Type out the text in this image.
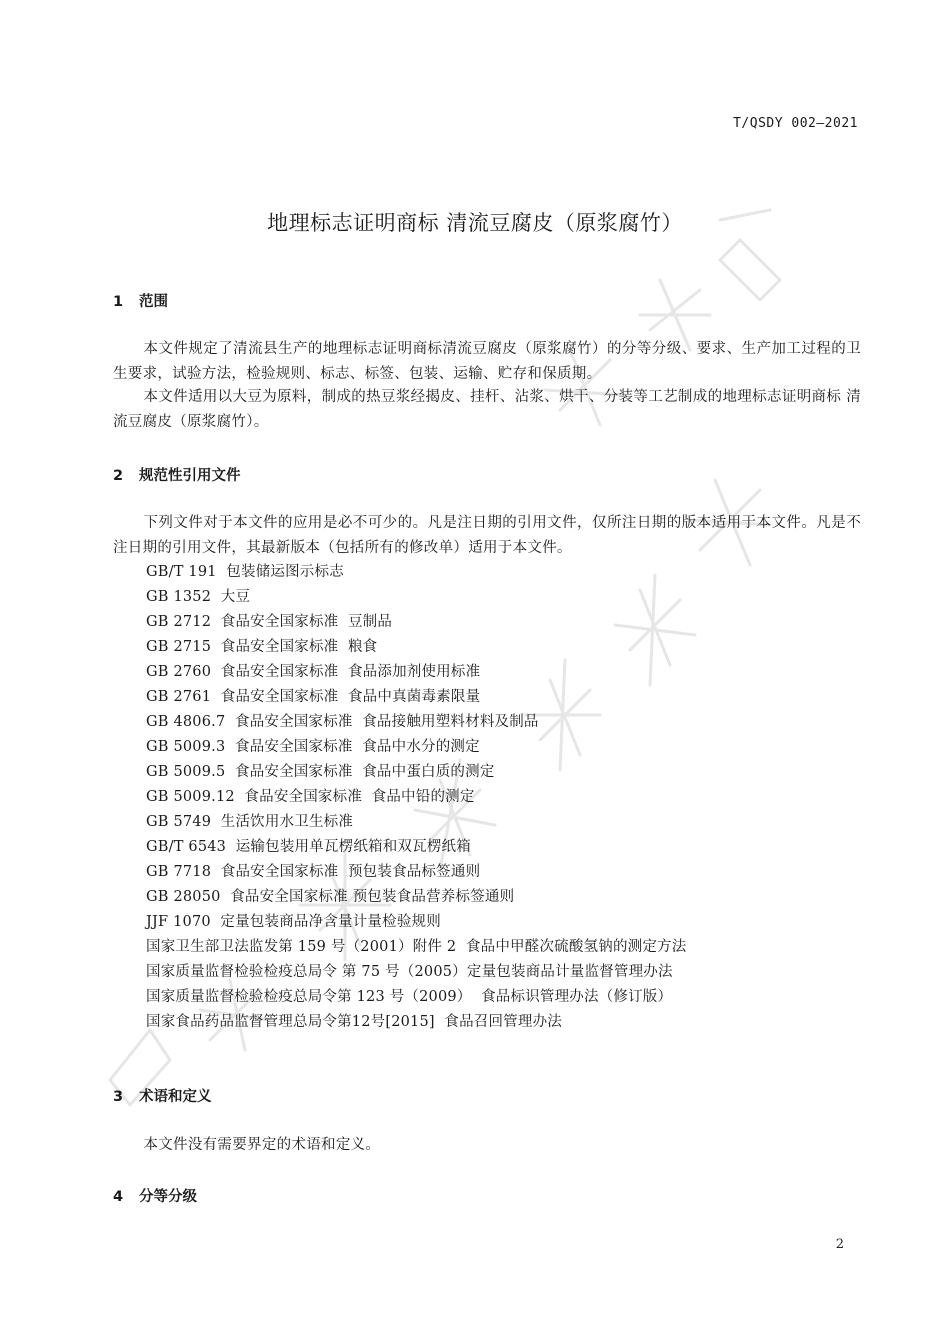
T/QSDY 002—2021
地理标志证明商标 清流豆腐皮（原浆腐竹）
1 范围
本文件规定了清流县生产的地理标志证明商标清流豆腐皮（原浆腐竹）的分等分级、要求、生产加工过程的卫生要求，试验方法，检验规则、标志、标签、包装、运输、贮存和保质期。
本文件适用以大豆为原料，制成的热豆浆经揭皮、挂杆、沾浆、烘干、分装等工艺制成的地理标志证明商标 清流豆腐皮（原浆腐竹）。
2 规范性引用文件
下列文件对于本文件的应用是必不可少的。凡是注日期的引用文件，仅所注日期的版本适用于本文件。凡是不注日期的引用文件，其最新版本（包括所有的修改单）适用于本文件。
GB/T 191  包装储运图示标志
GB 1352  大豆
GB 2712  食品安全国家标准  豆制品
GB 2715  食品安全国家标准  粮食
GB 2760  食品安全国家标准  食品添加剂使用标准
GB 2761  食品安全国家标准  食品中真菌毒素限量
GB 4806.7  食品安全国家标准  食品接触用塑料材料及制品
GB 5009.3  食品安全国家标准  食品中水分的测定
GB 5009.5  食品安全国家标准  食品中蛋白质的测定
GB 5009.12  食品安全国家标准  食品中铅的测定
GB 5749  生活饮用水卫生标准
GB/T 6543  运输包装用单瓦楞纸箱和双瓦楞纸箱
GB 7718  食品安全国家标准  预包装食品标签通则
GB 28050  食品安全国家标准 预包装食品营养标签通则
JJF 1070  定量包装商品净含量计量检验规则
国家卫生部卫法监发第 159 号（2001）附件 2  食品中甲醛次硫酸氢钠的测定方法
国家质量监督检验检疫总局令 第 75 号（2005）定量包装商品计量监督管理办法
国家质量监督检验检疫总局令第 123 号（2009）  食品标识管理办法（修订版）
国家食品药品监督管理总局令第12号[2015]  食品召回管理办法
3 术语和定义
本文件没有需要界定的术语和定义。
4 分等分级
2
